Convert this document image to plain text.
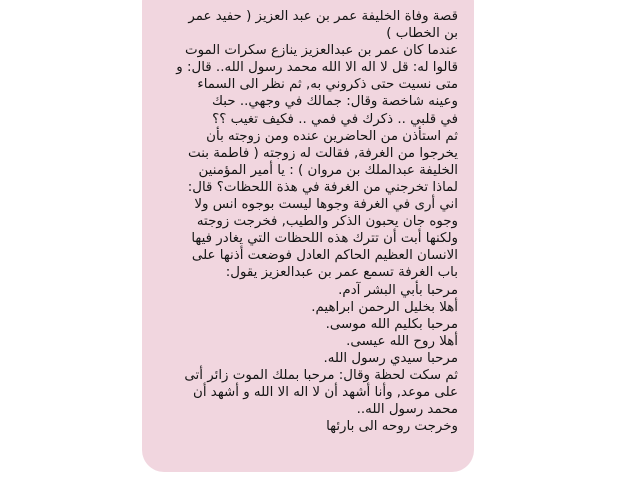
قصة وفاة الخليفة عمر بن عبد العزيز ( حفيد عمر
بن الخطاب )
عندما كان عمر بن عبدالعزيز ينازع سكرات الموت
قالوا له: قل لا اله الا الله محمد رسول الله.. قال: و
متى نسيت حتى ذكروني به, ثم نظر الى السماء
وعينه شاخصة وقال: جمالك في وجهي.. حبك
في قلبي .. ذكرك في فمي .. فكيف تغيب ؟؟
ثم استأذن من الحاضرين عنده ومن زوجته بأن
يخرجوا من الغرفة, فقالت له زوجته ( فاطمة بنت
الخليفة عبدالملك بن مروان ) : يا أمير المؤمنين
لماذا تخرجني من الغرفة في هذة اللحظات؟ قال:
اني أرى في الغرفة وجوها ليست بوجوه انس ولا
وجوه جان يحبون الذكر والطيب, فخرجت زوجته
ولكنها أبت أن تترك هذه اللحظات التي يغادر فيها
الانسان العظيم الحاكم العادل فوضعت أذنها على
باب الغرفة تسمع عمر بن عبدالعزيز يقول:
مرحبا بأبي البشر آدم.
أهلا بخليل الرحمن ابراهيم.
مرحبا بكليم الله موسى.
أهلا روح الله عيسى.
مرحبا سيدي رسول الله.
ثم سكت لحظة وقال: مرحبا بملك الموت زائر أتى
على موعد, وأنا أشهد أن لا اله الا الله و أشهد أن
محمد رسول الله..
وخرجت روحه الى بارئها
